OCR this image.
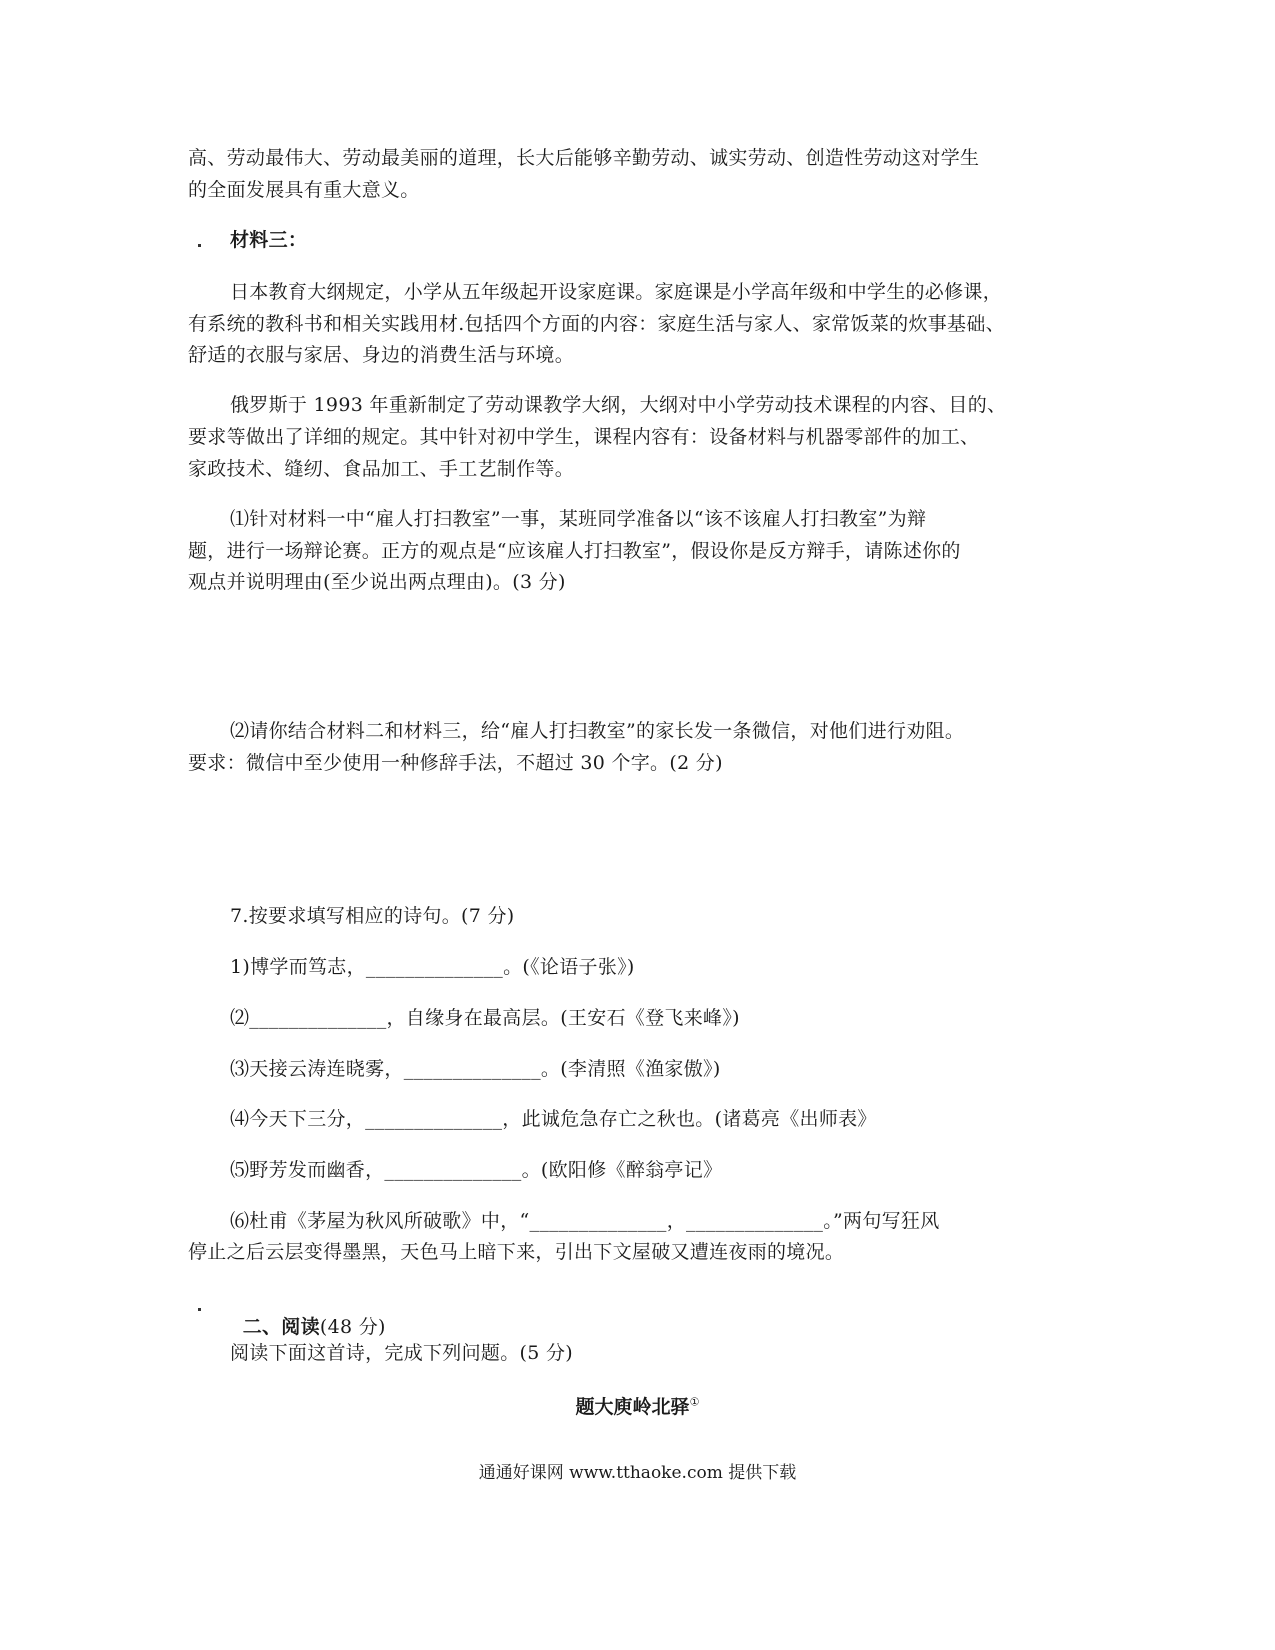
高、劳动最伟大、劳动最美丽的道理，长大后能够辛勤劳动、诚实劳动、创造性劳动这对学生
的全面发展具有重大意义。
材料三：
日本教育大纲规定，小学从五年级起开设家庭课。家庭课是小学高年级和中学生的必修课，
有系统的教科书和相关实践用材.包括四个方面的内容：家庭生活与家人、家常饭菜的炊事基础、
舒适的衣服与家居、身边的消费生活与环境。
俄罗斯于 1993 年重新制定了劳动课教学大纲，大纲对中小学劳动技术课程的内容、目的、
要求等做出了详细的规定。其中针对初中学生，课程内容有：设备材料与机器零部件的加工、
家政技术、缝纫、食品加工、手工艺制作等。
⑴针对材料一中“雇人打扫教室”一事，某班同学准备以“该不该雇人打扫教室”为辩
题，进行一场辩论赛。正方的观点是“应该雇人打扫教室”，假设你是反方辩手，请陈述你的
观点并说明理由(至少说出两点理由)。(3 分)
⑵请你结合材料二和材料三，给“雇人打扫教室”的家长发一条微信，对他们进行劝阻。
要求：微信中至少使用一种修辞手法，不超过 30 个字。(2 分)
7.按要求填写相应的诗句。(7 分)
1)博学而笃志，______________。(《论语子张》)
⑵______________，自缘身在最高层。(王安石《登飞来峰》)
⑶天接云涛连晓雾，______________。(李清照《渔家傲》)
⑷今天下三分，______________，此诚危急存亡之秋也。(诸葛亮《出师表》
⑸野芳发而幽香，______________。(欧阳修《醉翁亭记》
⑹杜甫《茅屋为秋风所破歌》中，“______________，______________。”两句写狂风
停止之后云层变得墨黑，天色马上暗下来，引出下文屋破又遭连夜雨的境况。

二、阅读(48 分)

阅读下面这首诗，完成下列问题。(5 分)
题大庾岭北驿①
通通好课网 www.tthaoke.com 提供下载
